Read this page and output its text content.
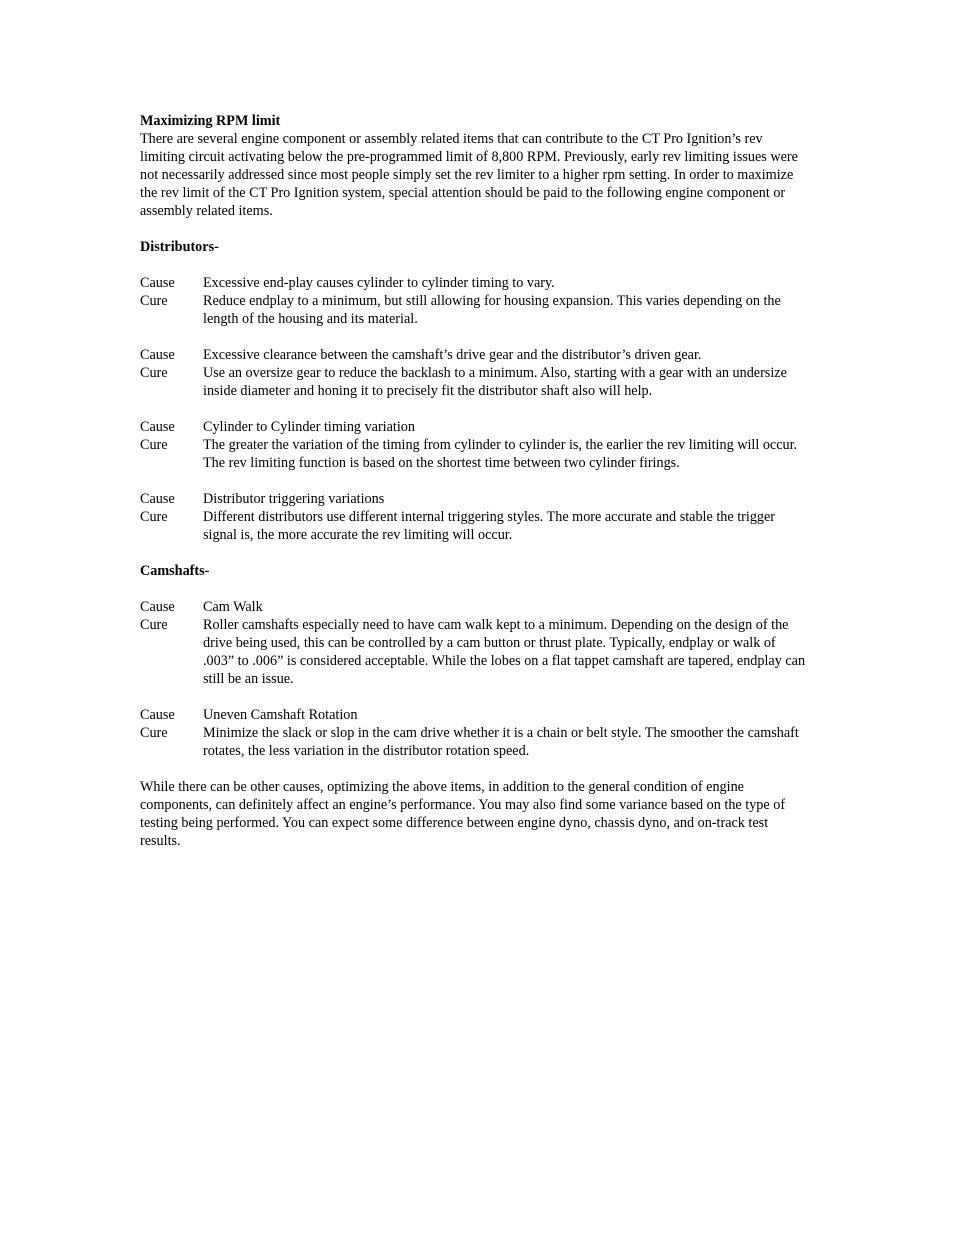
Maximizing RPM limit

There are several engine component or assembly related items that can contribute to the CT Pro Ignition’s rev limiting circuit activating below the pre-programmed limit of 8,800 RPM. Previously, early rev limiting issues were not necessarily addressed since most people simply set the rev limiter to a higher rpm setting. In order to maximize the rev limit of the CT Pro Ignition system, special attention should be paid to the following engine component or assembly related items.

Distributors-

Cause	Excessive end-play causes cylinder to cylinder timing to vary.
Cure	Reduce endplay to a minimum, but still allowing for housing expansion. This varies depending on the length of the housing and its material.
Cause	Excessive clearance between the camshaft’s drive gear and the distributor’s driven gear.
Cure	Use an oversize gear to reduce the backlash to a minimum. Also, starting with a gear with an undersize inside diameter and honing it to precisely fit the distributor shaft also will help.
Cause	Cylinder to Cylinder timing variation
Cure	The greater the variation of the timing from cylinder to cylinder is, the earlier the rev limiting will occur. The rev limiting function is based on the shortest time between two cylinder firings.
Cause	Distributor triggering variations
Cure	Different distributors use different internal triggering styles. The more accurate and stable the trigger signal is, the more accurate the rev limiting will occur.

Camshafts-

Cause	Cam Walk
Cure	Roller camshafts especially need to have cam walk kept to a minimum. Depending on the design of the drive being used, this can be controlled by a cam button or thrust plate. Typically, endplay or walk of .003” to .006” is considered acceptable. While the lobes on a flat tappet camshaft are tapered, endplay can still be an issue.
Cause	Uneven Camshaft Rotation
Cure	Minimize the slack or slop in the cam drive whether it is a chain or belt style. The smoother the camshaft rotates, the less variation in the distributor rotation speed.

While there can be other causes, optimizing the above items, in addition to the general condition of engine components, can definitely affect an engine’s performance. You may also find some variance based on the type of testing being performed. You can expect some difference between engine dyno, chassis dyno, and on-track test results.
